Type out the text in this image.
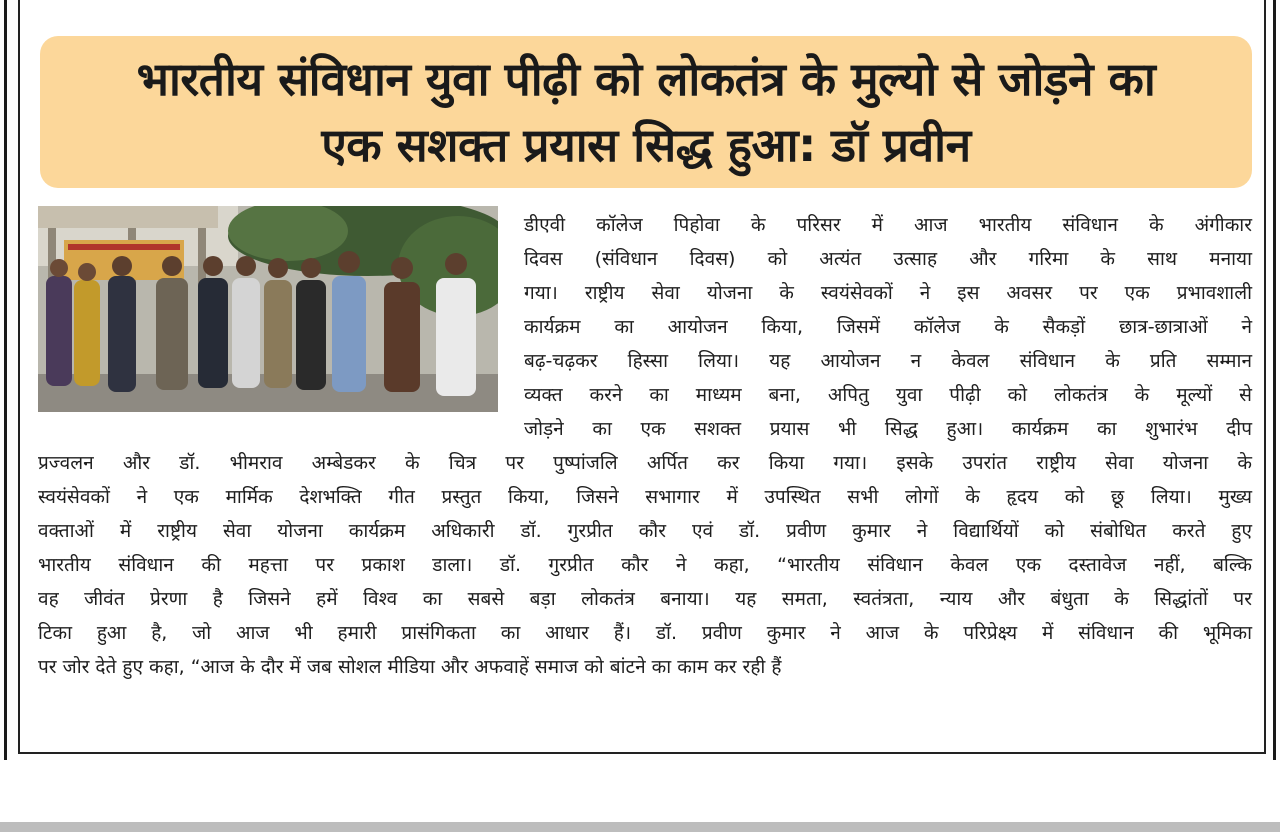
भारतीय संविधान युवा पीढ़ी को लोकतंत्र के मुल्यो से जोड़ने का
एक सशक्त प्रयास सिद्ध हुआ: डॉ प्रवीन
डीएवी कॉलेज पिहोवा के परिसर में आज भारतीय संविधान के अंगीकार
दिवस (संविधान दिवस) को अत्यंत उत्साह और गरिमा के साथ मनाया
गया। राष्ट्रीय सेवा योजना के स्वयंसेवकों ने इस अवसर पर एक प्रभावशाली
कार्यक्रम का आयोजन किया, जिसमें कॉलेज के सैकड़ों छात्र-छात्राओं ने
बढ़-चढ़कर हिस्सा लिया। यह आयोजन न केवल संविधान के प्रति सम्मान
व्यक्त करने का माध्यम बना, अपितु युवा पीढ़ी को लोकतंत्र के मूल्यों से
जोड़ने का एक सशक्त प्रयास भी सिद्ध हुआ। कार्यक्रम का शुभारंभ दीप
प्रज्वलन और डॉ. भीमराव अम्बेडकर के चित्र पर पुष्पांजलि अर्पित कर किया गया। इसके उपरांत राष्ट्रीय सेवा योजना के
स्वयंसेवकों ने एक मार्मिक देशभक्ति गीत प्रस्तुत किया, जिसने सभागार में उपस्थित सभी लोगों के हृदय को छू लिया। मुख्य
वक्ताओं में राष्ट्रीय सेवा योजना कार्यक्रम अधिकारी डॉ. गुरप्रीत कौर एवं डॉ. प्रवीण कुमार ने विद्यार्थियों को संबोधित करते हुए
भारतीय संविधान की महत्ता पर प्रकाश डाला। डॉ. गुरप्रीत कौर ने कहा, “भारतीय संविधान केवल एक दस्तावेज नहीं, बल्कि
वह जीवंत प्रेरणा है जिसने हमें विश्व का सबसे बड़ा लोकतंत्र बनाया। यह समता, स्वतंत्रता, न्याय और बंधुता के सिद्धांतों पर
टिका हुआ है, जो आज भी हमारी प्रासंगिकता का आधार हैं। डॉ. प्रवीण कुमार ने आज के परिप्रेक्ष्य में संविधान की भूमिका
पर जोर देते हुए कहा, “आज के दौर में जब सोशल मीडिया और अफवाहें समाज को बांटने का काम कर रही हैं
